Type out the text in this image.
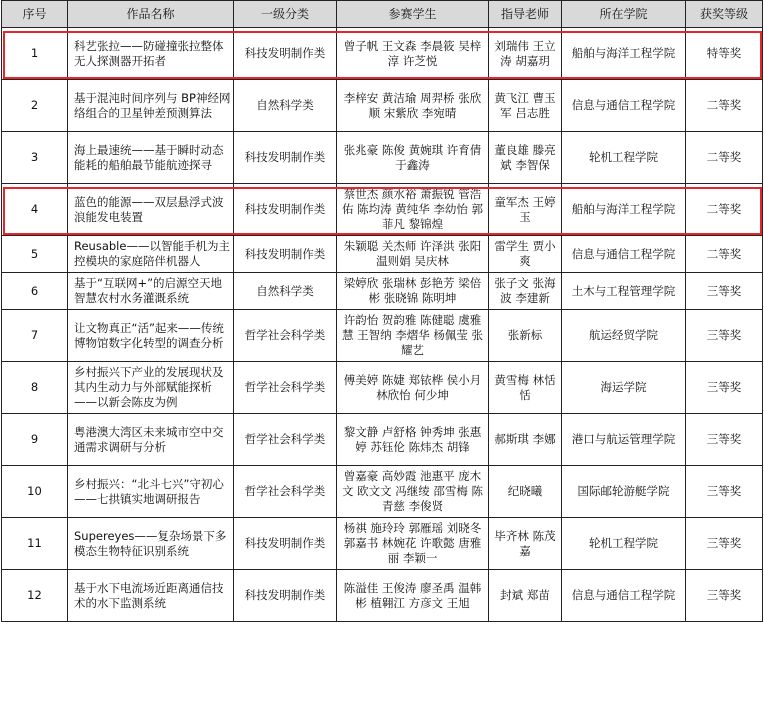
序号	作品名称	一级分类	参赛学生	指导老师	所在学院	获奖等级
1	科艺张拉——防碰撞张拉整体无人探测器开拓者	科技发明制作类	曾子帆 王文森 李晨筱 吴梓淳 许芝悦	刘瑞伟 王立涛 胡嘉玥	船舶与海洋工程学院	特等奖
2	基于混沌时间序列与 BP神经网络组合的卫星钟差预测算法	自然科学类	李梓安 黄洁瑜 周羿桥 张欣顺 宋紫欣 李宛晴	黄飞江 曹玉军 吕志胜	信息与通信工程学院	二等奖
3	海上最速统——基于瞬时动态能耗的船舶最节能航迹探寻	科技发明制作类	张兆豪 陈俊 黄婉琪 许育倩 于鑫涛	董良雄 滕亮斌 李智保	轮机工程学院	二等奖
4	蓝色的能源——双层悬浮式波浪能发电装置	科技发明制作类	蔡世杰 颜水裕 萧振锐 管浩佑 陈均涛 黄纯华 李幼怡 郭菲凡 黎锦煌	童军杰 王婷玉	船舶与海洋工程学院	二等奖
5	Reusable——以智能手机为主控模块的家庭陪伴机器人	科技发明制作类	朱颖聪 关杰师 许泽洪 张阳 温则娟 吴庆林	雷学生 贾小爽	信息与通信工程学院	二等奖
6	基于“互联网+”的启源空天地智慧农村水务灌溉系统	自然科学类	梁婷欣 张瑞林 彭艳芳 梁倍彬 张晓锦 陈明坤	张子文 张海波 李建新	土木与工程管理学院	三等奖
7	让文物真正“活”起来——传统博物馆数字化转型的调查分析	哲学社会科学类	许韵怡 贺韵雅 陈健聪 虞雅慧 王智纳 李熠华 杨佩莹 张耀艺	张新标	航运经贸学院	三等奖
8	乡村振兴下产业的发展现状及其内生动力与外部赋能探析——以新会陈皮为例	哲学社会科学类	傅美婷 陈婕 郑铱桦 侯小月 林欣怡 何少坤	黄雪梅 林恬恬	海运学院	三等奖
9	粤港澳大湾区未来城市空中交通需求调研与分析	哲学社会科学类	黎文静 卢舒格 钟秀坤 张惠婷 苏钰伦 陈炜杰 胡锋	郝斯琪 李娜	港口与航运管理学院	三等奖
10	乡村振兴：“北斗七兴”守初心——七拱镇实地调研报告	哲学社会科学类	曾嘉豪 高妙霞 池惠平 庞木文 欧文文 冯继绫 邵雪梅 陈青慈 李俊贤	纪晓曦	国际邮轮游艇学院	三等奖
11	Supereyes——复杂场景下多模态生物特征识别系统	科技发明制作类	杨祺 施玲玲 郭雁瑶 刘晓冬 郭嘉书 林婉花 许歌懿 唐雅丽 李颖一	毕齐林 陈茂嘉	轮机工程学院	三等奖
12	基于水下电流场近距离通信技术的水下监测系统	科技发明制作类	陈溢佳 王俊涛 廖圣禹 温韩彬 植翱江 方彦文 王旭	封斌 郑苗	信息与通信工程学院	三等奖
